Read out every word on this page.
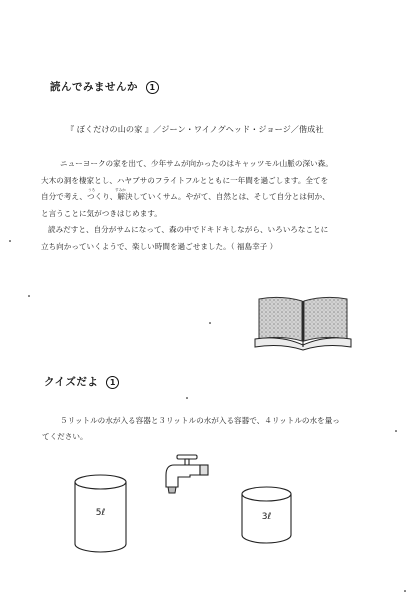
読んでみませんか 1
『 ぼくだけの山の家 』／ジーン・ワイノグヘッド・ジョージ／偕成社
うろ	すみか
ニューヨークの家を出て、少年サムが向かったのはキャッツモル山脈の深い森。
大木の洞を棲家とし、ハヤブサのフライトフルとともに一年間を過ごします。全てを
自分で考え、つくり、解決していくサム。やがて、自然とは、そして自分とは何か、
と言うことに気がつきはじめます。
読みだすと、自分がサムになって、森の中でドキドキしながら、いろいろなことに
立ち向かっていくようで、楽しい時間を過ごせました。（ 福島幸子 ）
クイズだよ 1
５リットルの水が入る容器と３リットルの水が入る容器で、４リットルの水を量っ
てください。
5ℓ	3ℓ
